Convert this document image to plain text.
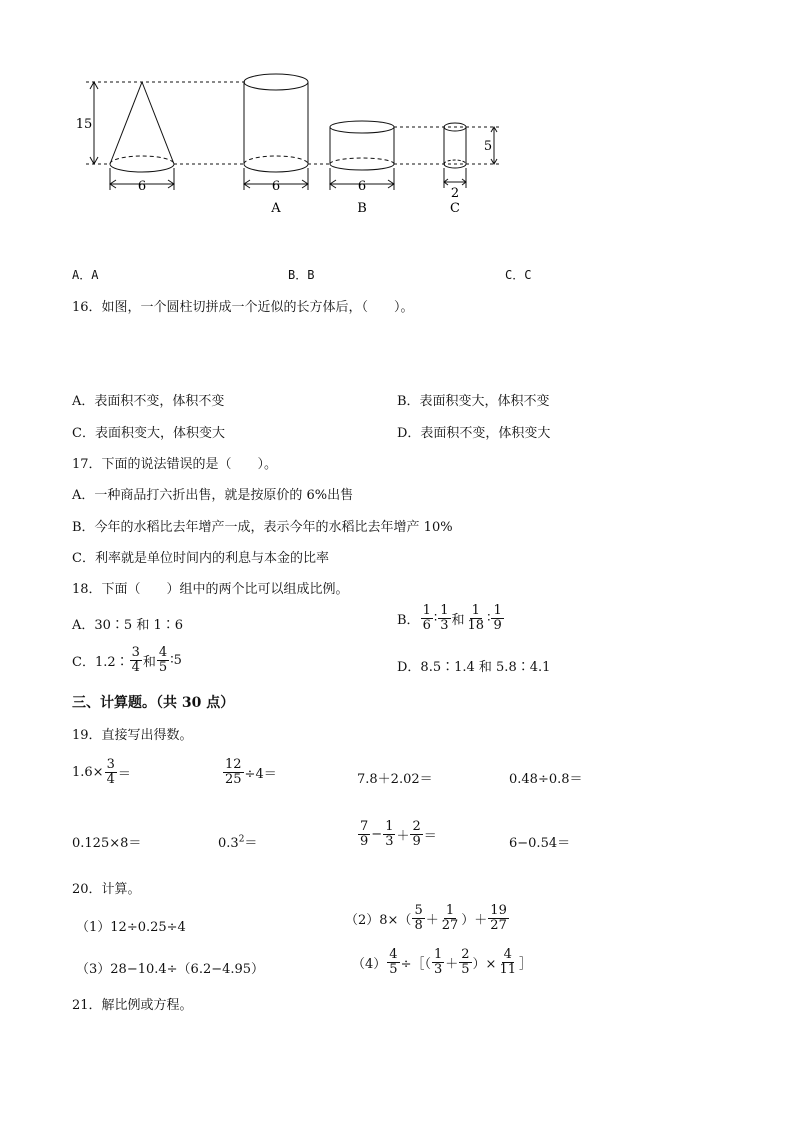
15
6	6
A
6
B
5
2
C
A．A	B．B	C．C
16．如图，一个圆柱切拼成一个近似的长方体后，（　　）。
A．表面积不变，体积不变	B．表面积变大，体积不变
C．表面积变大，体积变大	D．表面积不变，体积变大
17．下面的说法错误的是（　　）。
A．一种商品打六折出售，就是按原价的 6%出售
B．今年的水稻比去年增产一成，表示今年的水稻比去年增产 10%
C．利率就是单位时间内的利息与本金的比率
18．下面（　　）组中的两个比可以组成比例。
A．30∶5 和 1∶6	B． $\frac{1}{6}$ ∶ $\frac{1}{3}$ 和 $\frac{1}{18}$ ∶ $\frac{1}{9}$
C．1.2∶ $\frac{3}{4}$ 和 $\frac{4}{5}$ ∶5	D．8.5∶1.4 和 5.8∶4.1
三、计算题。（共 30 点）
19．直接写出得数。
$1.6\times \frac{3}{4}$ ＝	$\frac{12}{25} \div 4=$	7.8＋2.02＝	0.48÷0.8＝
0.125×8＝	$0.3^2=$	$\frac{7}{9} - \frac{1}{3} + \frac{2}{9}$ ＝	6−0.54＝
20．计算。
（1）12÷0.25÷4	$(2)8\times( \frac{5}{8} + \frac{1}{27}$ ）＋ $\frac{19}{27}$
（3）28−10.4÷（6.2−4.95）	$(4) \frac{4}{5}$ ÷［（ $\frac{1}{3} + \frac{2}{5}$ ）× $\frac{4}{11}$ ］
21．解比例或方程。
